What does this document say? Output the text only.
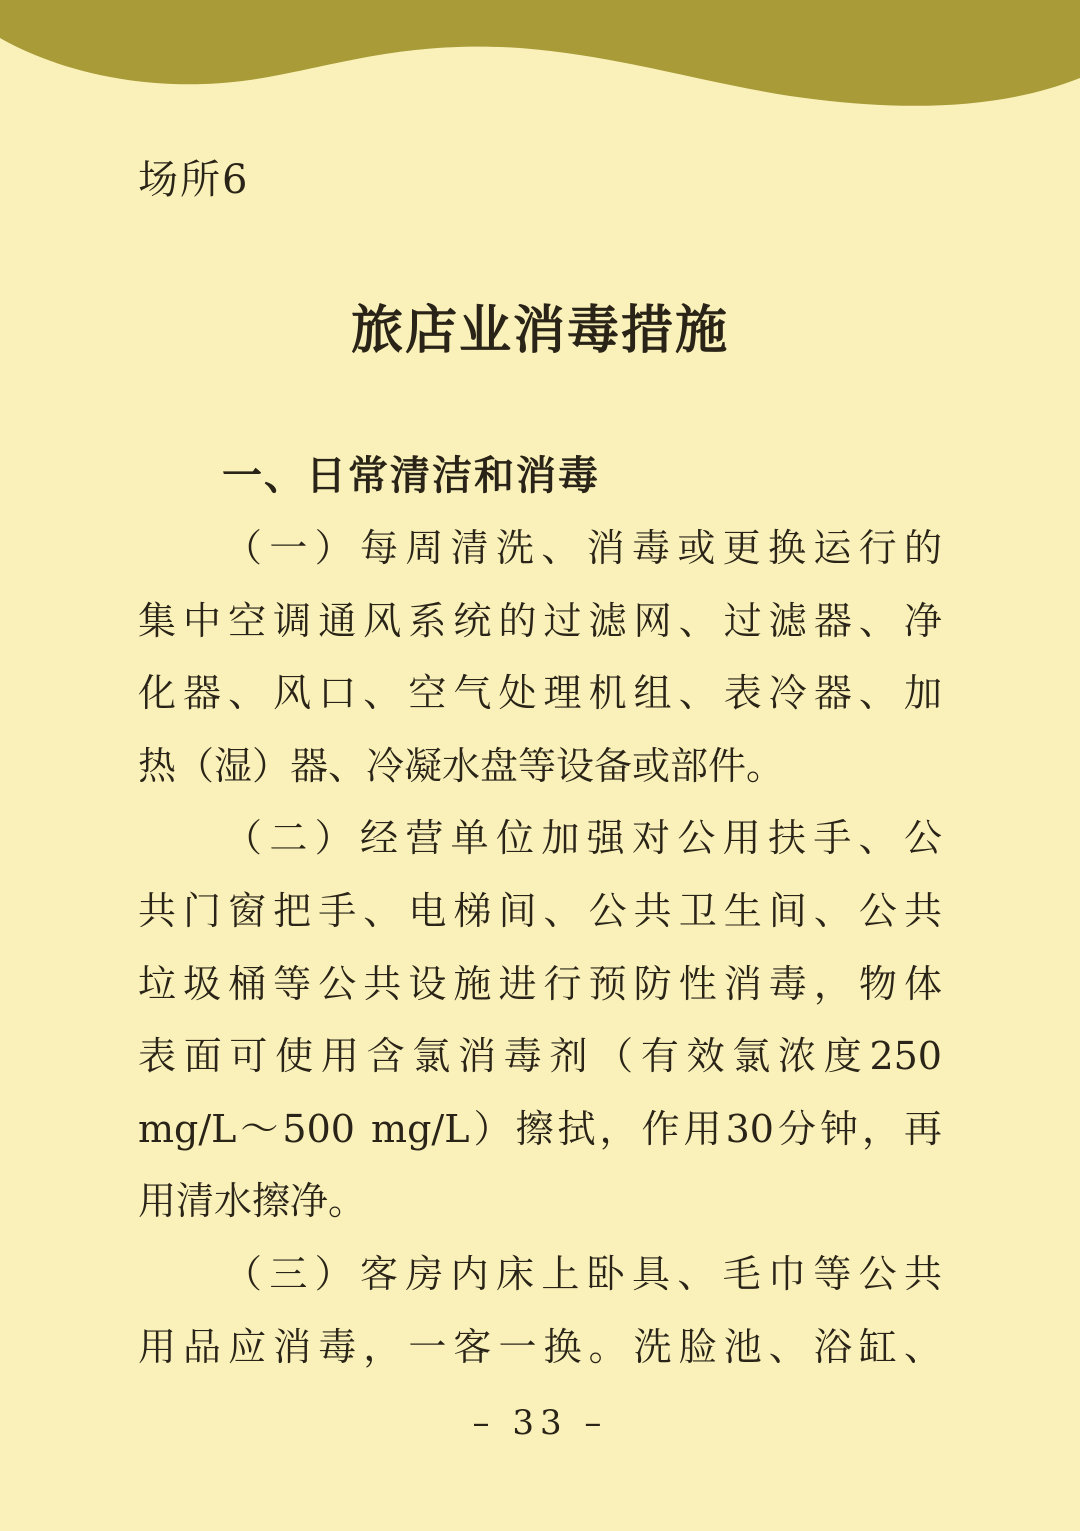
场所6
旅店业消毒措施
一、日常清洁和消毒
（一）每周清洗、消毒或更换运行的
集中空调通风系统的过滤网、过滤器、净
化器、风口、空气处理机组、表冷器、加
热（湿）器、冷凝水盘等设备或部件。
（二）经营单位加强对公用扶手、公
共门窗把手、电梯间、公共卫生间、公共
垃圾桶等公共设施进行预防性消毒，物体
表面可使用含氯消毒剂（有效氯浓度250
mg/L～500 mg/L）擦拭，作用30分钟，再
用清水擦净。
（三）客房内床上卧具、毛巾等公共
用品应消毒，一客一换。洗脸池、浴缸、
– 33 –
